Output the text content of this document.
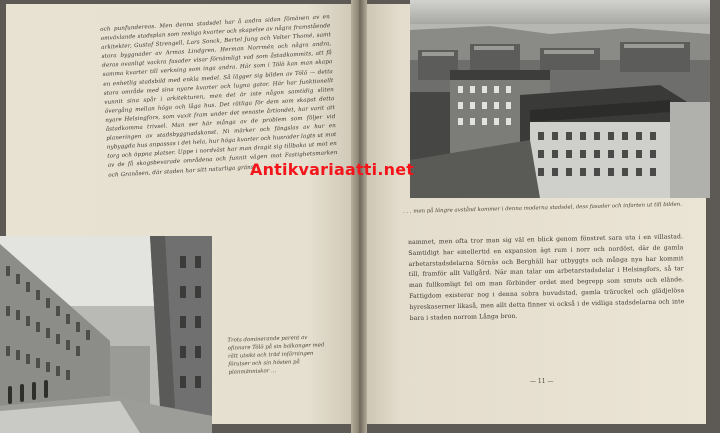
och punfundereas. Men denna stadsdel har å andra sidan fömänen av en omväxlande stadsplan som resliga kvarter och skapelse av några framstående arkitekter, Gustaf Strengell, Lars Sonck, Bertel Jung och Valter Thomé, samt stora byggnader av Armas Lindgren. Herman Norrmén och några andra, deras ovanligt vackra fasader visar förnämligt vad som åstadkommits, att få samma kvarter till verkning som inga andra. Här som i Tölö kan man skapa en enhetlig stadsbild med enkla medel. Så lägger sig bilden av Tölö — detta stora område med sina nyare kvarter och lugna gator. Här har funktionellt vunnit sina spår i arkitekturen, men det är inte någon samtidig sliten övergång mellan höga och låga hus. Det rätliga för dem som skapat detta nyare Helsingfors, som vuxit fram under det senaste årtiondet, har varit att åstadkomma trivsel. Man ser här många av de problem som följer vid planeringen av stadsbyggnadskonst. Ni märker och fängslas av hur en nybyggda hus anpassas i det hela, hur höga kvarter och husrader lagts ut mot torg och öppna platser. Uppe i nordväst har man dragit sig tillbaka ut mot en av de få skogsbevarade områdena och funnit vägen mot Fastighetsmarken och Granåsen, där staden har sitt naturliga gräns.

. . . men på längre avstånd kommer i denna moderna stadsdel, dess fasader och infarten ut till bilden.

Trots dominerande parent av ofinnare Tölö på sin balkonger med rätt utsikt och träd infärningen förutser och sin hösten på planmänniskor ...

nammet, men ofta tror man sig väl en blick genom fönstret sara uta i en villastad. Samtidigt har emellertid en expansion ägt rum i norr och nordöst, där de gamla arbetarstadsdelarna Sörnäs och Berghäll har utbyggts och många nya har kommit till, framför allt Vallgård. När man talar om arbetarstadsdelar i Helsingfors, så tar man fullkomligt fel om man förbinder ordet med begrepp som smuts och elände. Fattigdom existerar nog i denna sobra huvudstad, gamla träruckel och glädjelösa hyreskaserner likaså, men allt detta finner vi också i de vidliga stadsdelarna och inte bara i staden norrom Långa bron.

— 11 —
Antikvariaatti.net
